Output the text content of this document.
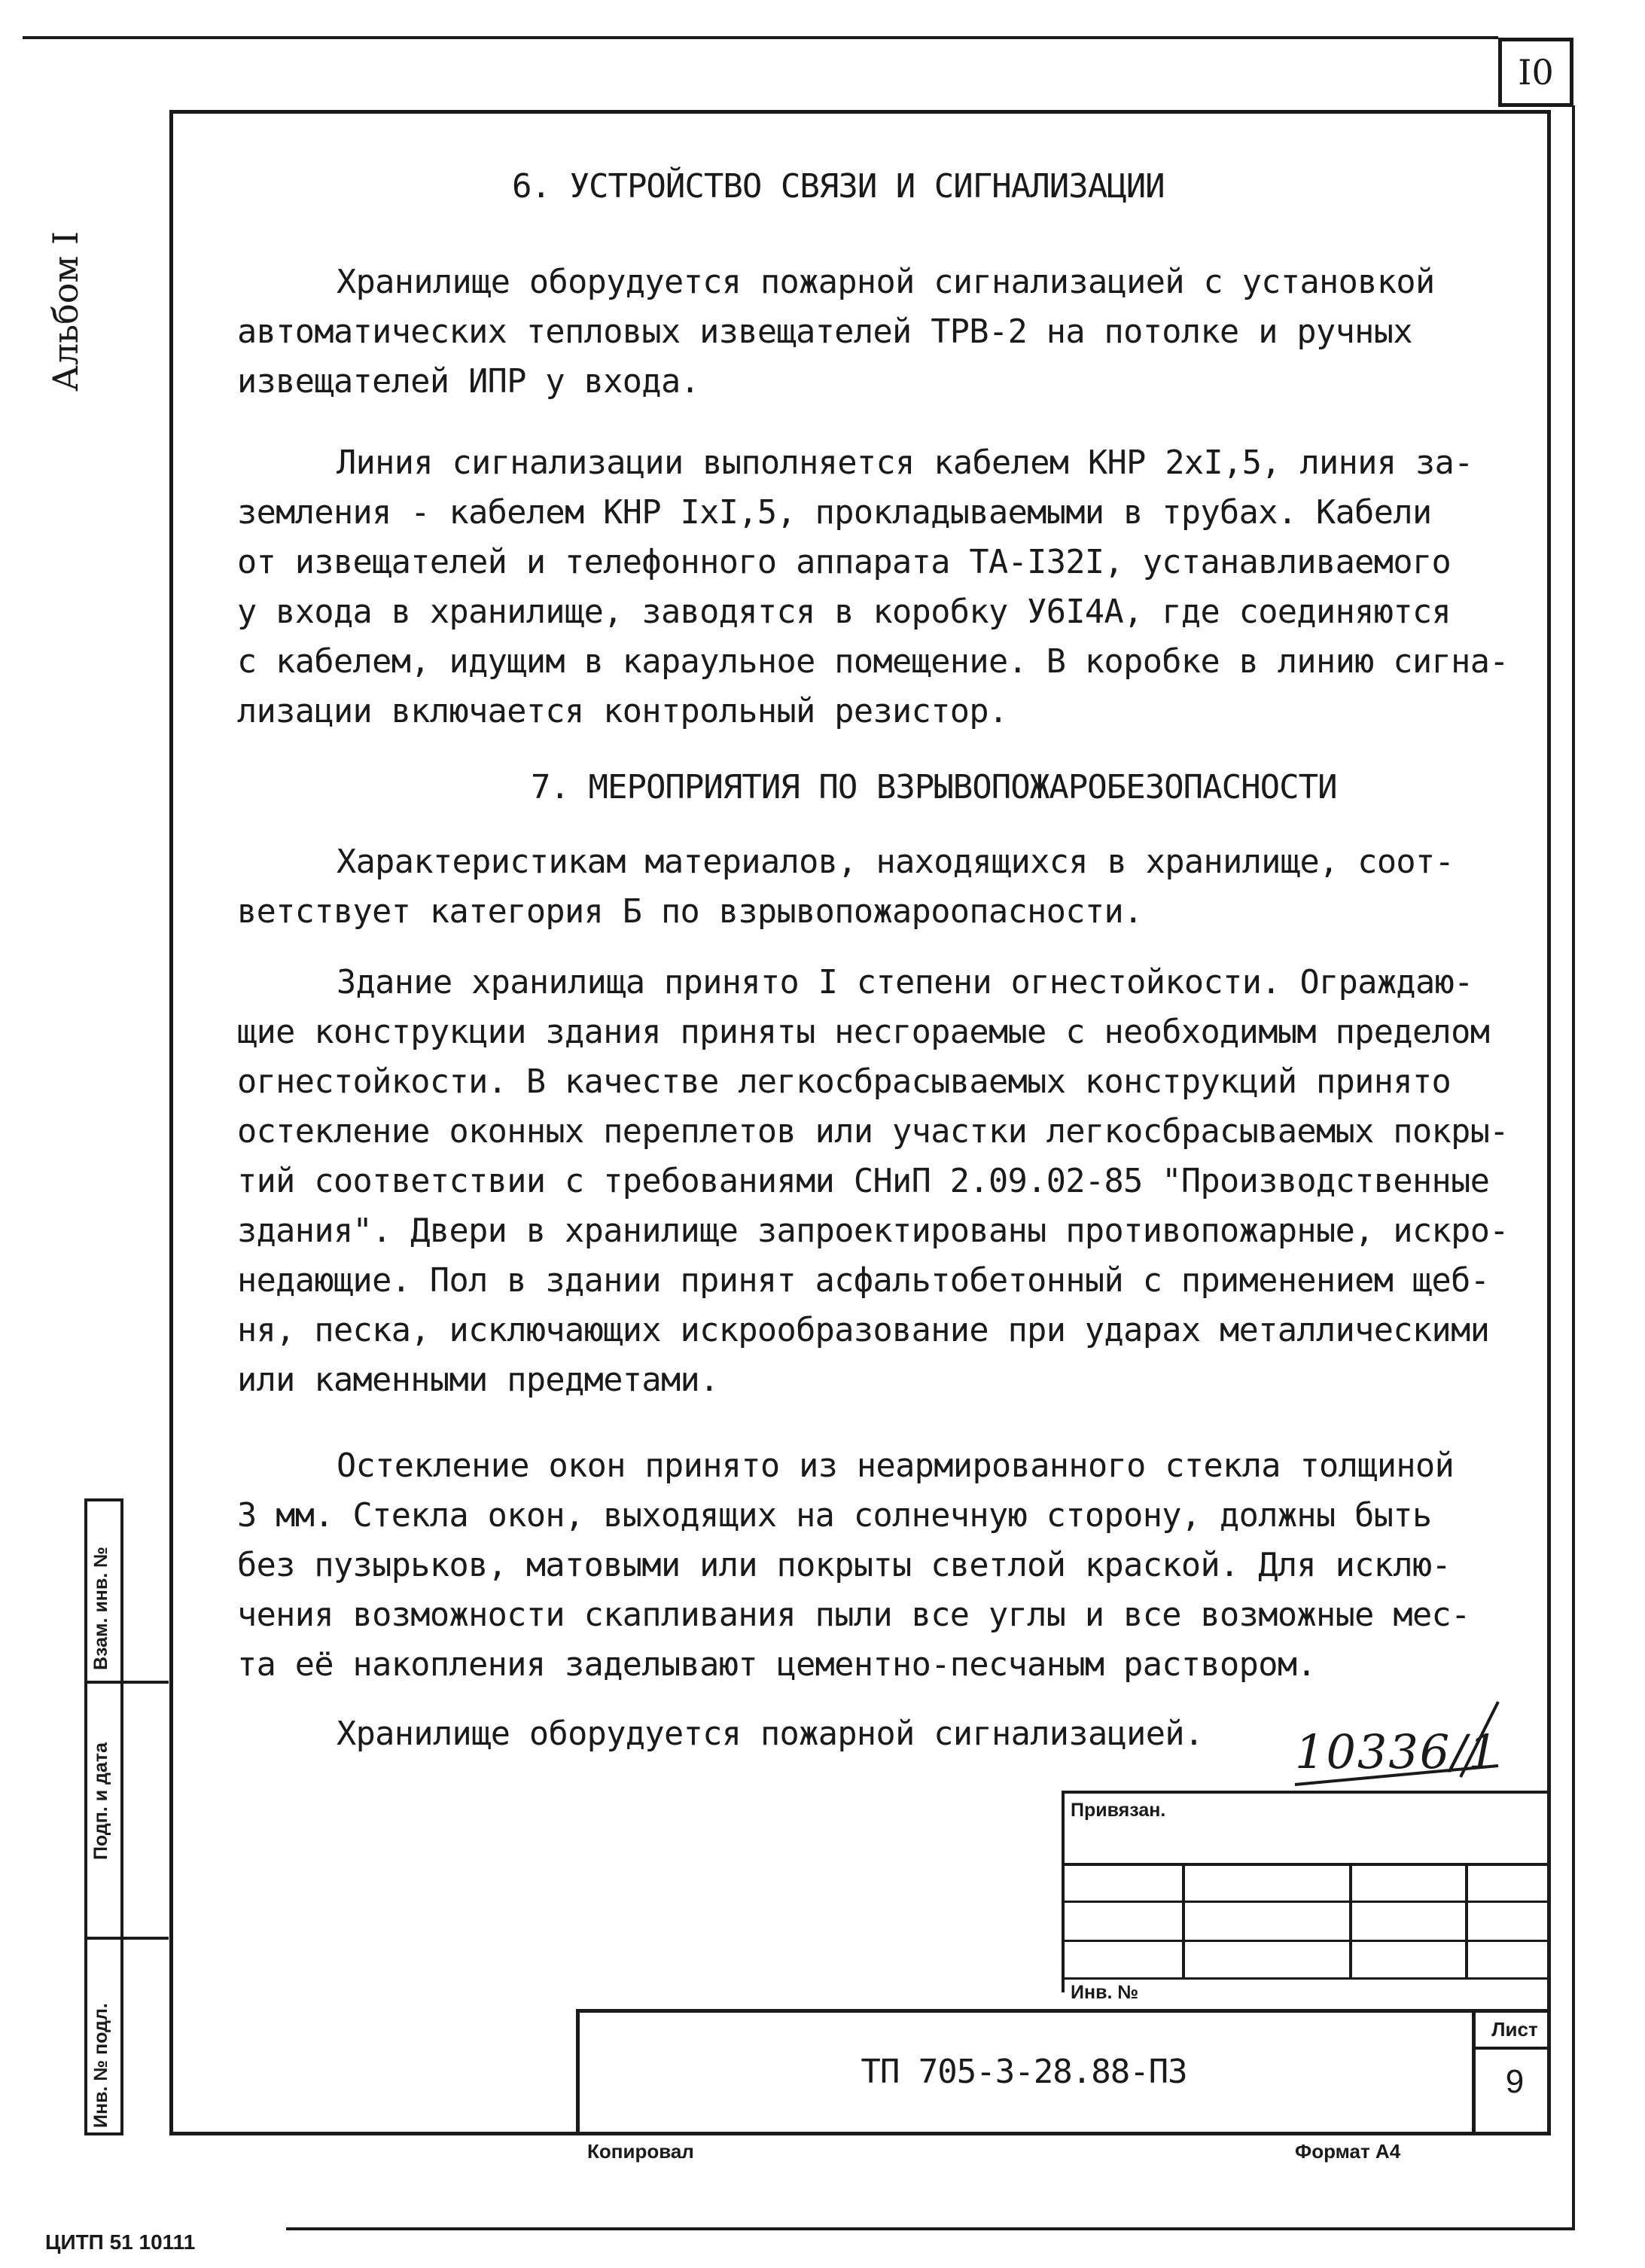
I0
Альбом I
6. УСТРОЙСТВО СВЯЗИ И СИГНАЛИЗАЦИИ
Хранилище оборудуется пожарной сигнализацией с установкой
автоматических тепловых извещателей ТРВ-2 на потолке и ручных
извещателей ИПР у входа.
Линия сигнализации выполняется кабелем КНР 2хI,5, линия за-
земления - кабелем КНР IхI,5, прокладываемыми в трубах. Кабели
от извещателей и телефонного аппарата ТА-I32I, устанавливаемого
у входа в хранилище, заводятся в коробку У6I4А, где соединяются
с кабелем, идущим в караульное помещение. В коробке в линию сигна-
лизации включается контрольный резистор.
7. МЕРОПРИЯТИЯ ПО ВЗРЫВОПОЖАРОБЕЗОПАСНОСТИ
Характеристикам материалов, находящихся в хранилище, соот-
ветствует категория Б по взрывопожароопасности.
Здание хранилища принято I степени огнестойкости. Ограждаю-
щие конструкции здания приняты несгораемые с необходимым пределом
огнестойкости. В качестве легкосбрасываемых конструкций принято
остекление оконных переплетов или участки легкосбрасываемых покры-
тий соответствии с требованиями СНиП 2.09.02-85 "Производственные
здания". Двери в хранилище запроектированы противопожарные, искро-
недающие. Пол в здании принят асфальтобетонный с применением щеб-
ня, песка, исключающих искрообразование при ударах металлическими
или каменными предметами.
Остекление окон принято из неармированного стекла толщиной
3 мм. Стекла окон, выходящих на солнечную сторону, должны быть
без пузырьков, матовыми или покрыты светлой краской. Для исклю-
чения возможности скапливания пыли все углы и все возможные мес-
та её накопления заделывают цементно-песчаным раствором.
Хранилище оборудуется пожарной сигнализацией.	10336/1
Взам. инв. №
Подп. и дата
Инв. № подл.
Привязан.
Инв. №
ТП 705-3-28.88-ПЗ
Лист
9
Копировал	Формат А4
ЦИТП 51 10111
